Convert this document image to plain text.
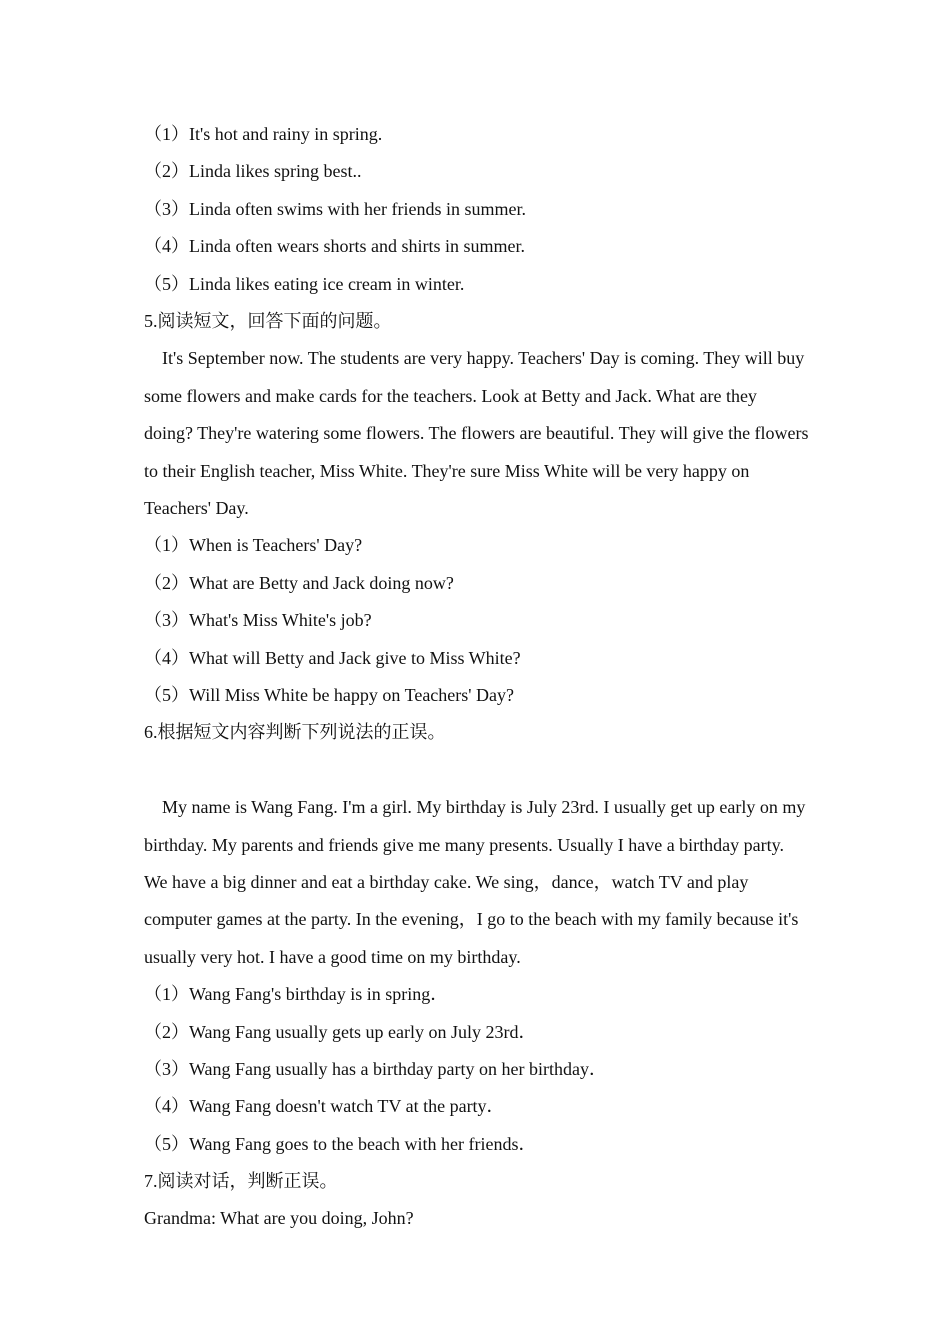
（1）It's hot and rainy in spring.
（2）Linda likes spring best..
（3）Linda often swims with her friends in summer.
（4）Linda often wears shorts and shirts in summer.
（5）Linda likes eating ice cream in winter.
5.阅读短文，回答下面的问题。
It's September now. The students are very happy. Teachers' Day is coming. They will buy some flowers and make cards for the teachers. Look at Betty and Jack. What are they doing? They're watering some flowers. The flowers are beautiful. They will give the flowers to their English teacher, Miss White. They're sure Miss White will be very happy on Teachers' Day.
（1）When is Teachers' Day?
（2）What are Betty and Jack doing now?
（3）What's Miss White's job?
（4）What will Betty and Jack give to Miss White?
（5）Will Miss White be happy on Teachers' Day?
6.根据短文内容判断下列说法的正误。
My name is Wang Fang. I'm a girl. My birthday is July 23rd. I usually get up early on my birthday. My parents and friends give me many presents. Usually I have a birthday party. We have a big dinner and eat a birthday cake. We sing，dance，watch TV and play computer games at the party. In the evening，I go to the beach with my family because it's usually very hot. I have a good time on my birthday.
（1）Wang Fang's birthday is in spring．
（2）Wang Fang usually gets up early on July 23rd．
（3）Wang Fang usually has a birthday party on her birthday．
（4）Wang Fang doesn't watch TV at the party．
（5）Wang Fang goes to the beach with her friends．
7.阅读对话，判断正误。
Grandma: What are you doing, John?
